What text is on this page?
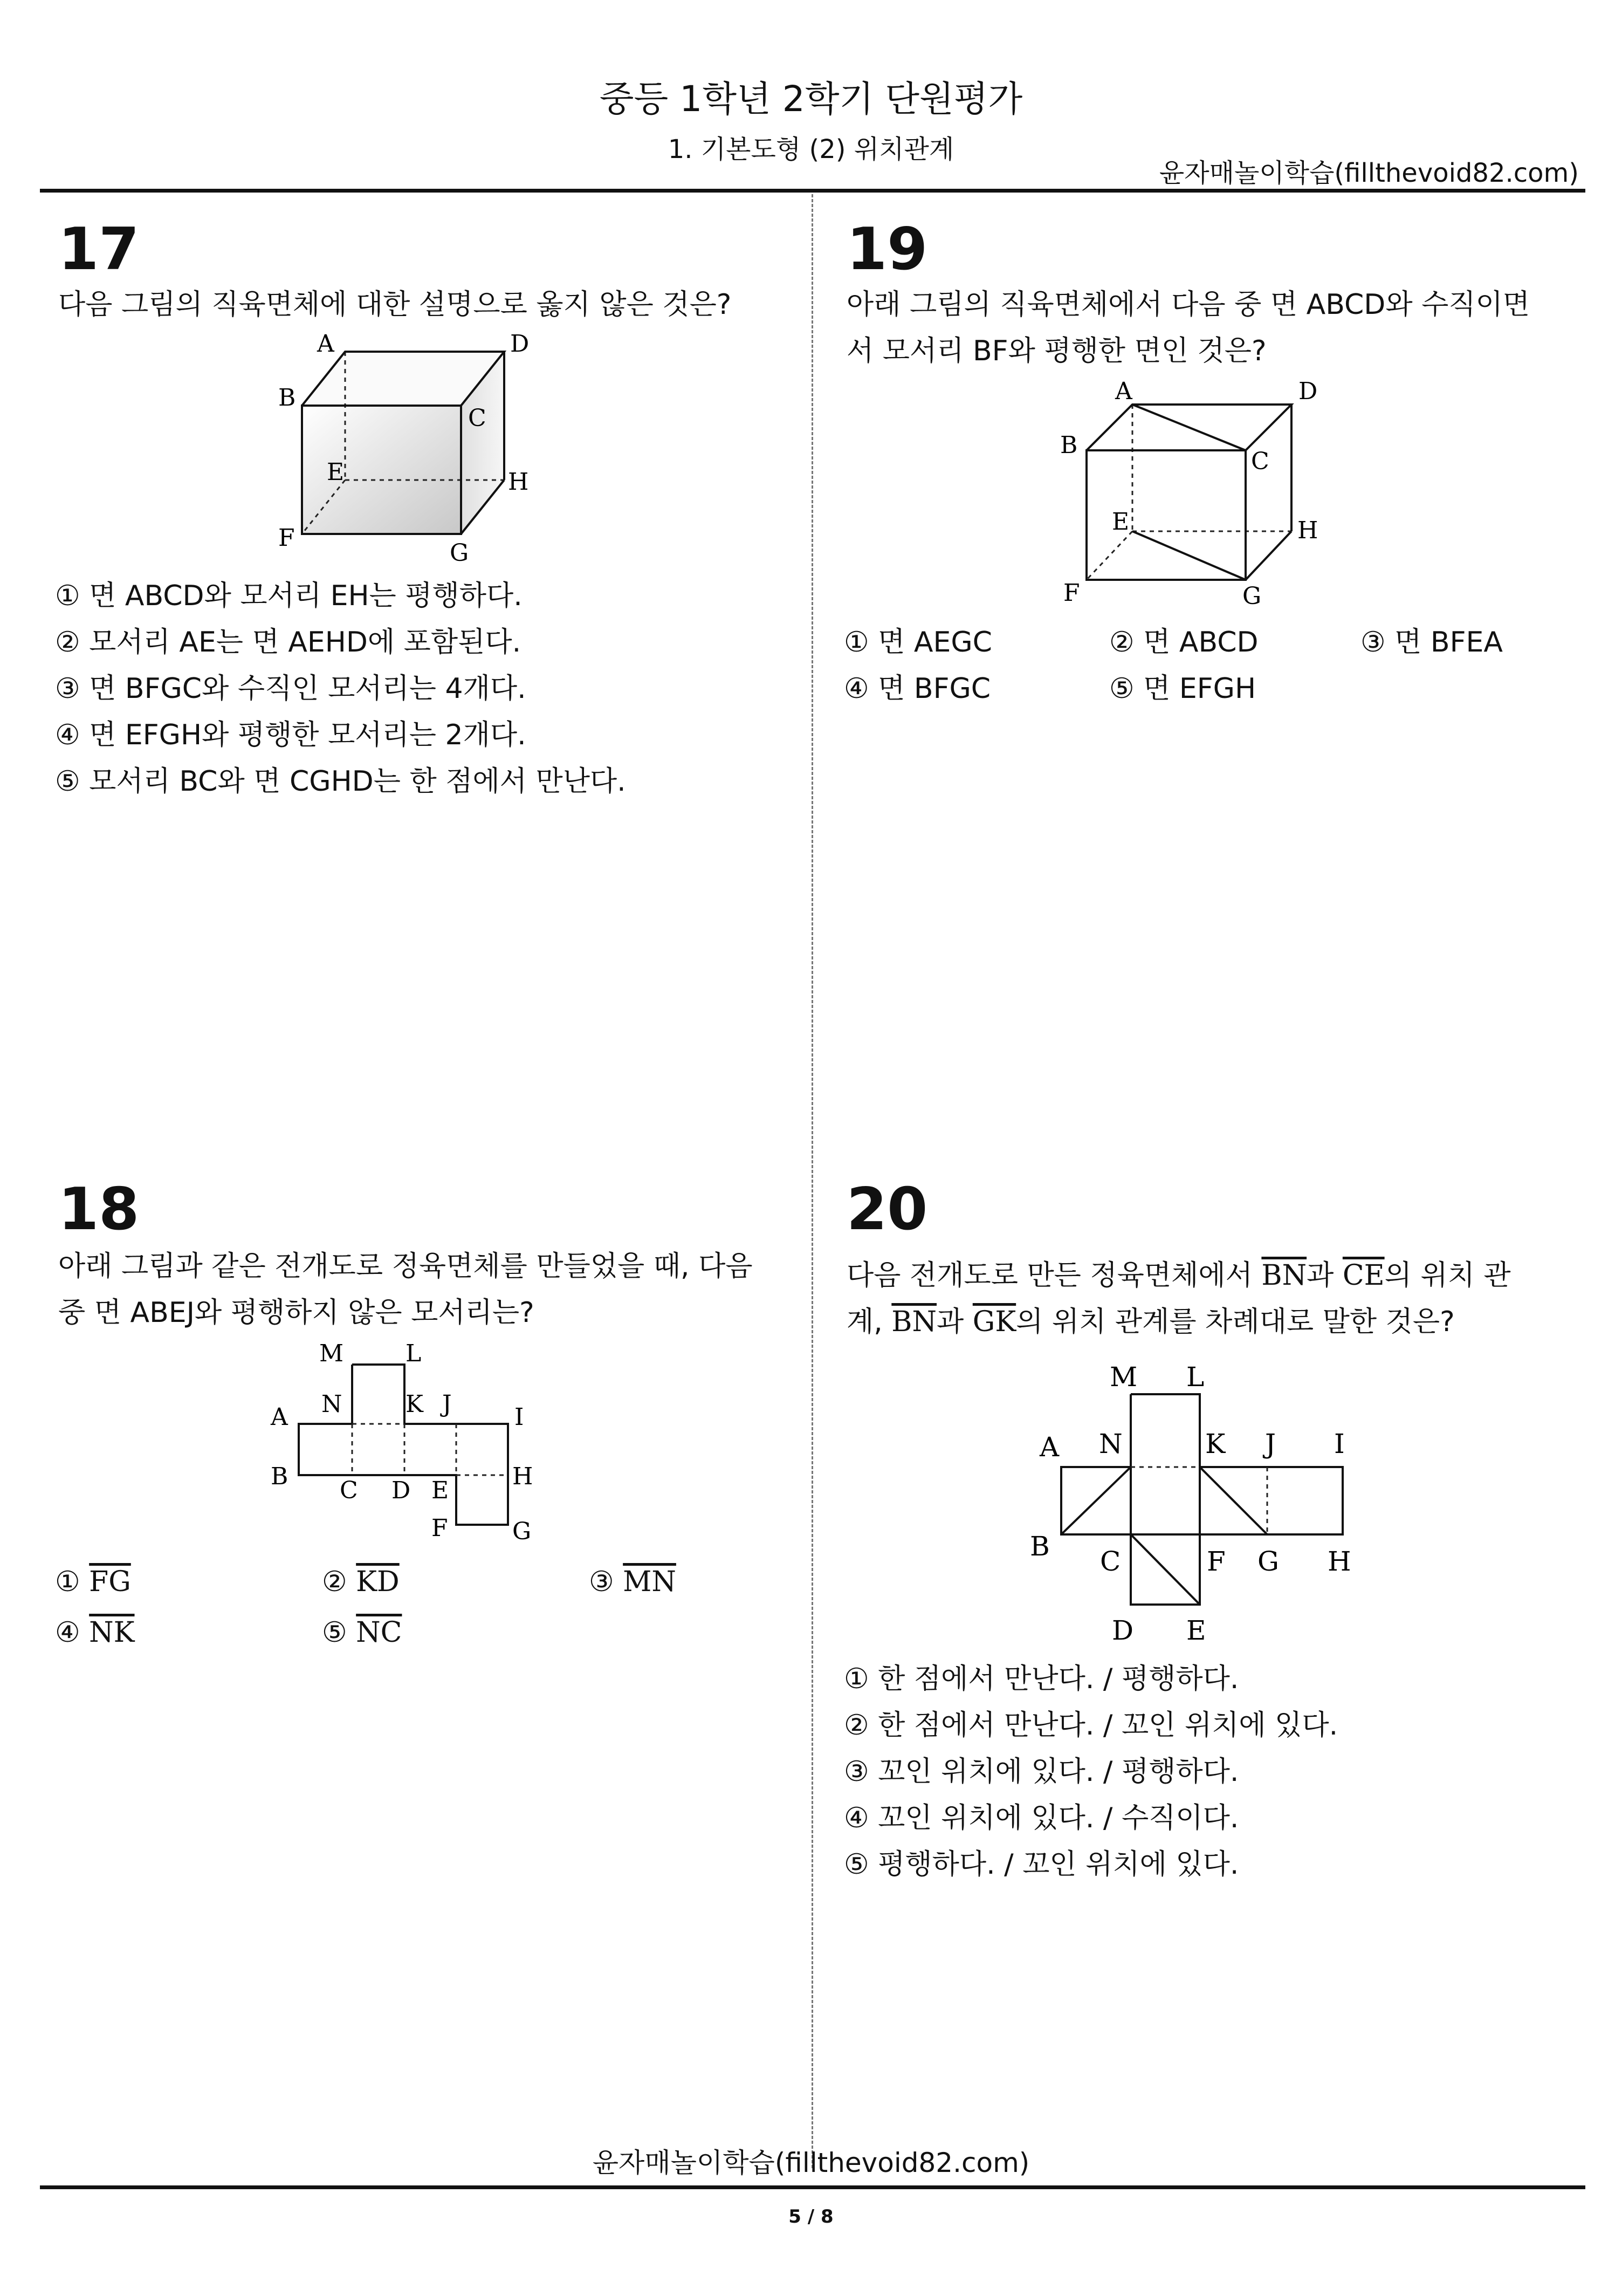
중등 1학년 2학기 단원평가
1. 기본도형 (2) 위치관계
윤자매놀이학습(fillthevoid82.com)
17
다음 그림의 직육면체에 대한 설명으로 옳지 않은 것은?
A	D
B
C
E	H
F
G
① 면 ABCD와 모서리 EH는 평행하다.
② 모서리 AE는 면 AEHD에 포함된다.
③ 면 BFGC와 수직인 모서리는 4개다.
④ 면 EFGH와 평행한 모서리는 2개다.
⑤ 모서리 BC와 면 CGHD는 한 점에서 만난다.
19
아래 그림의 직육면체에서 다음 중 면 ABCD와 수직이면서 모서리 BF와 평행한 면인 것은?
A	D
B
C
E	H
F	G
① 면 AEGC	② 면 ABCD	③ 면 BFEA
④ 면 BFGC	⑤ 면 EFGH
18
아래 그림과 같은 전개도로 정육면체를 만들었을 때, 다음 중 면 ABEJ와 평행하지 않은 모서리는?
M	L
A N	K J	I
B
C D E
H
F	G
① $\overline{FG}$	② $\overline{KD}$	③ $\overline{MN}$
④ $\overline{NK}$	⑤ $\overline{NC}$
20
다음 전개도로 만든 정육면체에서 $\overline{BN}$과 $\overline{CE}$의 위치 관
계, $\overline{BN}$과 $\overline{GK}$의 위치 관계를 차례대로 말한 것은?
M L
A N	K J I
B C	F G H
D E
① 한 점에서 만난다. / 평행하다.
② 한 점에서 만난다. / 꼬인 위치에 있다.
③ 꼬인 위치에 있다. / 평행하다.
④ 꼬인 위치에 있다. / 수직이다.
⑤ 평행하다. / 꼬인 위치에 있다.
윤자매놀이학습(fillthevoid82.com)
5 / 8
